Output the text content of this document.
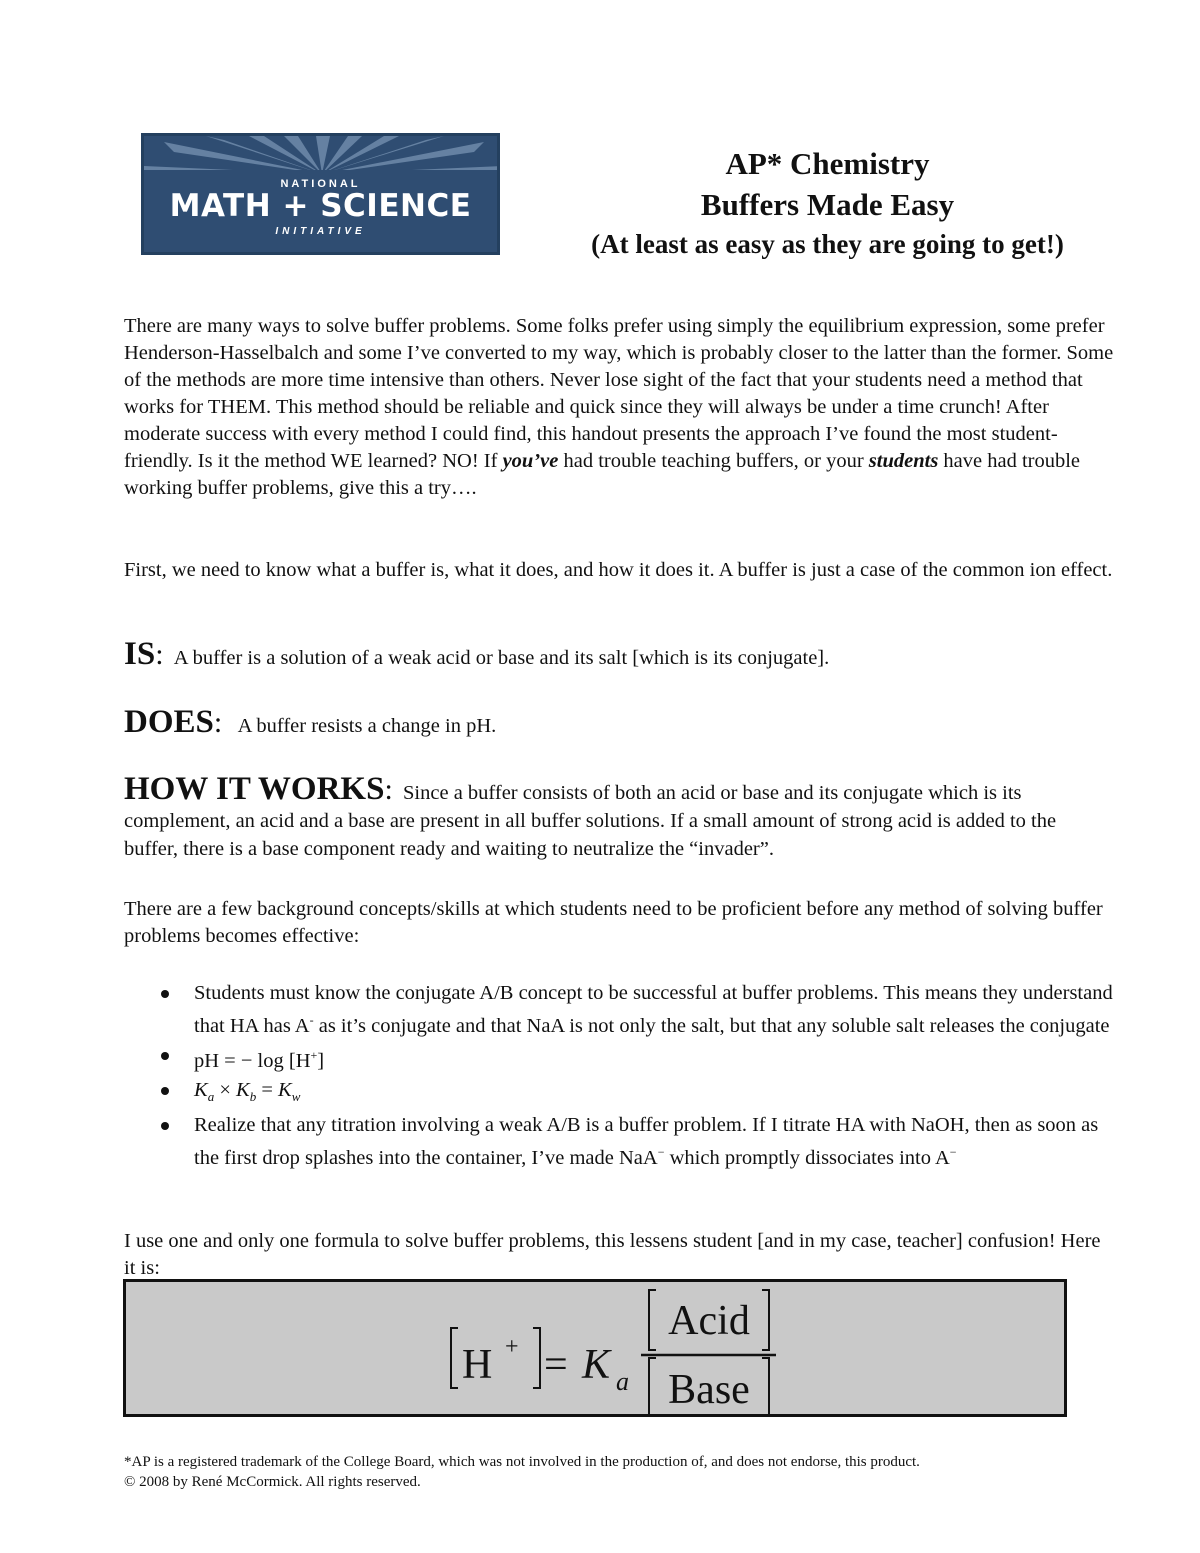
NATIONAL
MATH + SCIENCE
INITIATIVE
AP* Chemistry
Buffers Made Easy
(At least as easy as they are going to get!)
There are many ways to solve buffer problems. Some folks prefer using simply the equilibrium expression, some prefer Henderson-Hasselbalch and some I’ve converted to my way, which is probably closer to the latter than the former. Some of the methods are more time intensive than others. Never lose sight of the fact that your students need a method that works for THEM. This method should be reliable and quick since they will always be under a time crunch! After moderate success with every method I could find, this handout presents the approach I’ve found the most student-friendly. Is it the method WE learned? NO! If you’ve had trouble teaching buffers, or your students have had trouble working buffer problems, give this a try….
First, we need to know what a buffer is, what it does, and how it does it. A buffer is just a case of the common ion effect.
IS: A buffer is a solution of a weak acid or base and its salt [which is its conjugate].
DOES: A buffer resists a change in pH.
HOW IT WORKS: Since a buffer consists of both an acid or base and its conjugate which is its complement, an acid and a base are present in all buffer solutions. If a small amount of strong acid is added to the buffer, there is a base component ready and waiting to neutralize the “invader”.
There are a few background concepts/skills at which students need to be proficient before any method of solving buffer problems becomes effective:
Students must know the conjugate A/B concept to be successful at buffer problems. This means they understand that HA has A- as it’s conjugate and that NaA is not only the salt, but that any soluble salt releases the conjugate
pH = − log [H+]
$K_a \times K_b = K_w$
Realize that any titration involving a weak A/B is a buffer problem. If I titrate HA with NaOH, then as soon as the first drop splashes into the container, I’ve made NaA− which promptly dissociates into A−
I use one and only one formula to solve buffer problems, this lessens student [and in my case, teacher] confusion! Here it is:
H + = K a
Acid
Base
*AP is a registered trademark of the College Board, which was not involved in the production of, and does not endorse, this product.
© 2008 by René McCormick. All rights reserved.
